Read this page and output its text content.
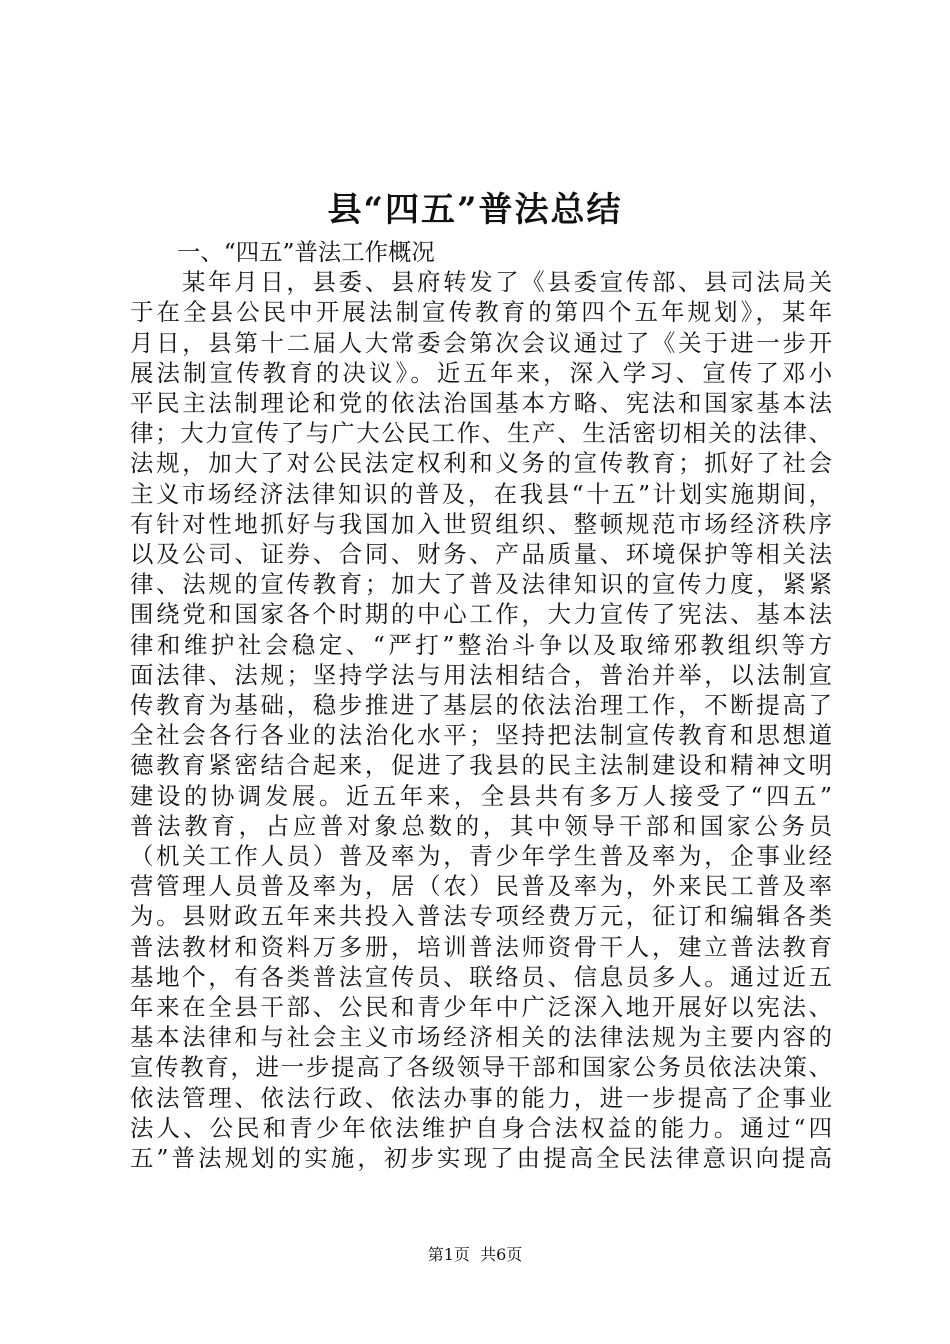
县“四五”普法总结

一、“四五”普法工作概况

某年月日，县委、县府转发了《县委宣传部、县司法局关
于在全县公民中开展法制宣传教育的第四个五年规划》，某年
月日，县第十二届人大常委会第次会议通过了《关于进一步开
展法制宣传教育的决议》。近五年来，深入学习、宣传了邓小
平民主法制理论和党的依法治国基本方略、宪法和国家基本法
律；大力宣传了与广大公民工作、生产、生活密切相关的法律、
法规，加大了对公民法定权利和义务的宣传教育；抓好了社会
主义市场经济法律知识的普及，在我县“十五”计划实施期间，
有针对性地抓好与我国加入世贸组织、整顿规范市场经济秩序
以及公司、证券、合同、财务、产品质量、环境保护等相关法
律、法规的宣传教育；加大了普及法律知识的宣传力度，紧紧
围绕党和国家各个时期的中心工作，大力宣传了宪法、基本法
律和维护社会稳定、“严打”整治斗争以及取缔邪教组织等方
面法律、法规；坚持学法与用法相结合，普治并举，以法制宣
传教育为基础，稳步推进了基层的依法治理工作，不断提高了
全社会各行各业的法治化水平；坚持把法制宣传教育和思想道
德教育紧密结合起来，促进了我县的民主法制建设和精神文明
建设的协调发展。近五年来，全县共有多万人接受了“四五”
普法教育，占应普对象总数的，其中领导干部和国家公务员
（机关工作人员）普及率为，青少年学生普及率为，企事业经
营管理人员普及率为，居（农）民普及率为，外来民工普及率
为。县财政五年来共投入普法专项经费万元，征订和编辑各类
普法教材和资料万多册，培训普法师资骨干人，建立普法教育
基地个，有各类普法宣传员、联络员、信息员多人。通过近五
年来在全县干部、公民和青少年中广泛深入地开展好以宪法、
基本法律和与社会主义市场经济相关的法律法规为主要内容的
宣传教育，进一步提高了各级领导干部和国家公务员依法决策、
依法管理、依法行政、依法办事的能力，进一步提高了企事业
法人、公民和青少年依法维护自身合法权益的能力。通过“四
五”普法规划的实施，初步实现了由提高全民法律意识向提高
第1页  共6页
